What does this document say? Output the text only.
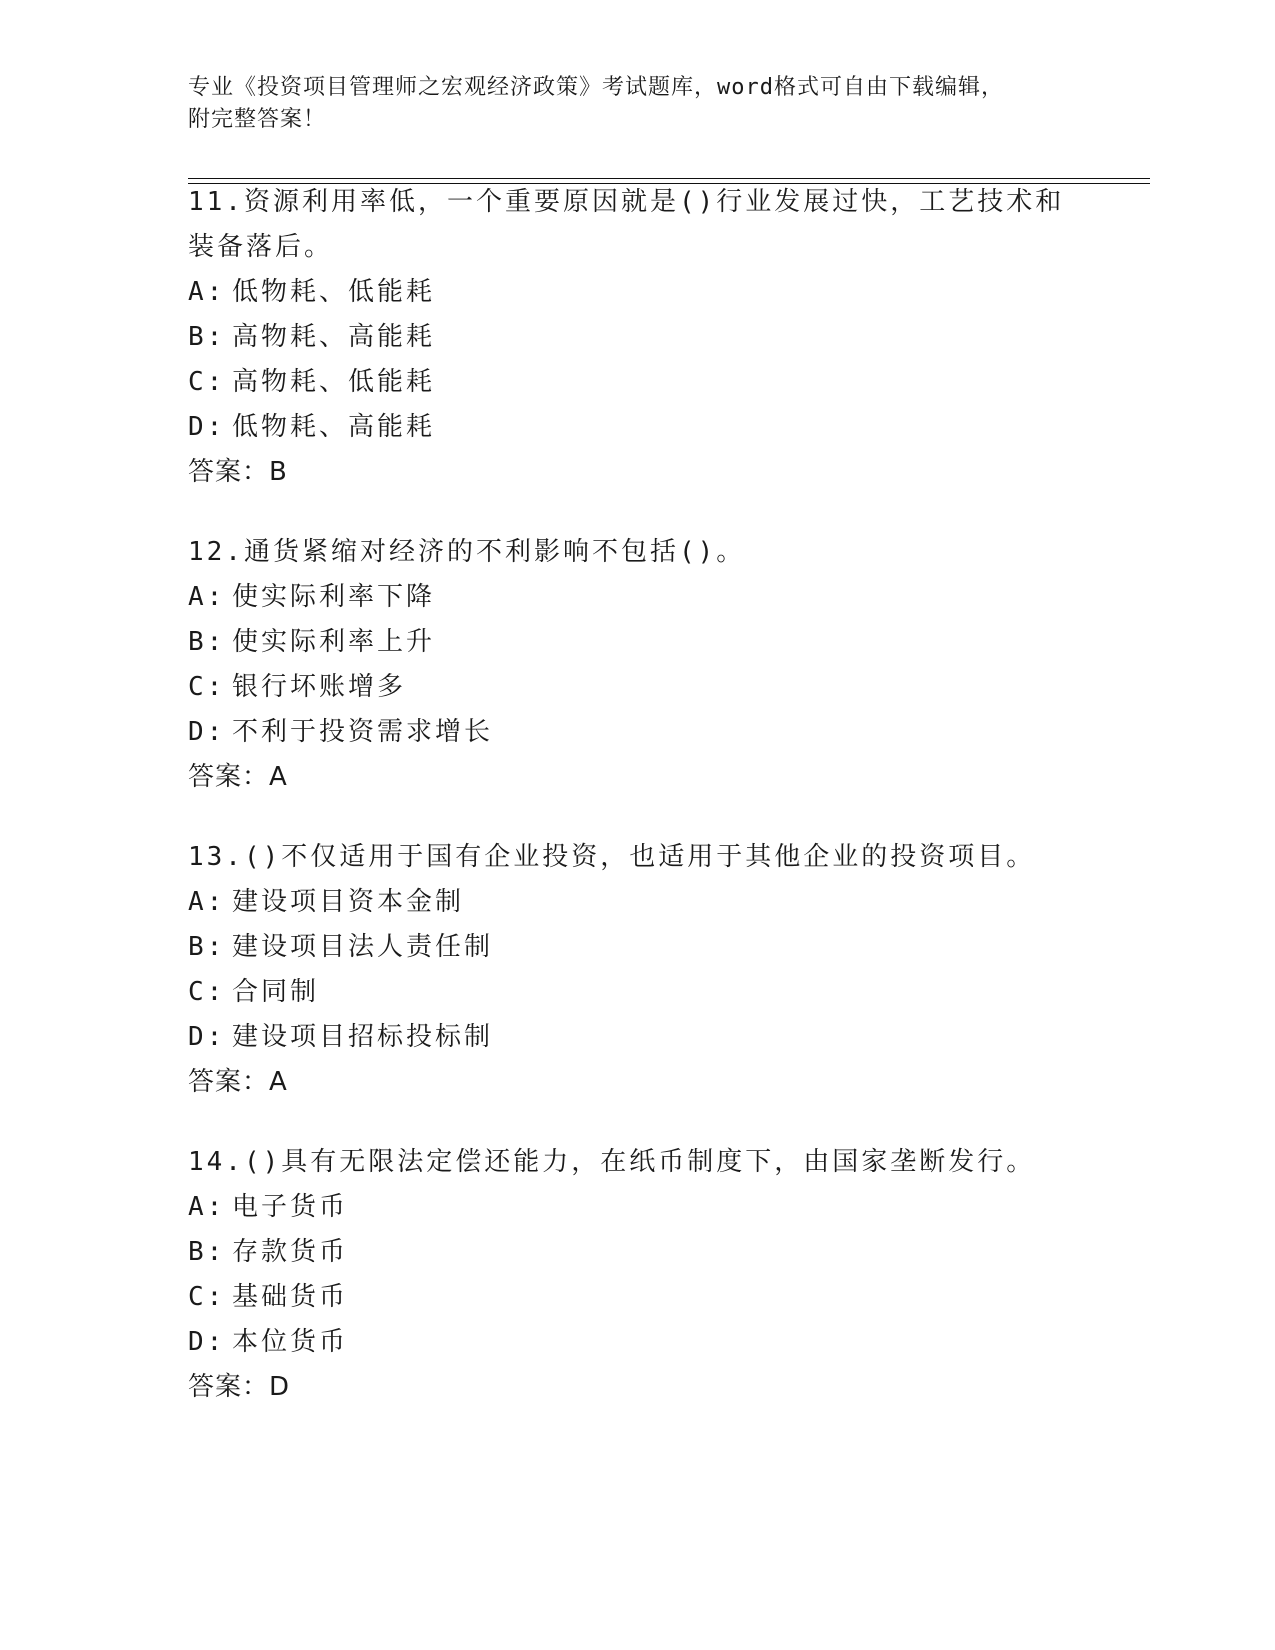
专业《投资项目管理师之宏观经济政策》考试题库，word格式可自由下载编辑，
附完整答案！
11.资源利用率低，一个重要原因就是()行业发展过快，工艺技术和装备落后。
A: 低物耗、低能耗
B: 高物耗、高能耗
C: 高物耗、低能耗
D: 低物耗、高能耗
答案：B
12.通货紧缩对经济的不利影响不包括()。
A: 使实际利率下降
B: 使实际利率上升
C: 银行坏账增多
D: 不利于投资需求增长
答案：A
13.()不仅适用于国有企业投资，也适用于其他企业的投资项目。
A: 建设项目资本金制
B: 建设项目法人责任制
C: 合同制
D: 建设项目招标投标制
答案：A
14.()具有无限法定偿还能力，在纸币制度下，由国家垄断发行。
A: 电子货币
B: 存款货币
C: 基础货币
D: 本位货币
答案：D
